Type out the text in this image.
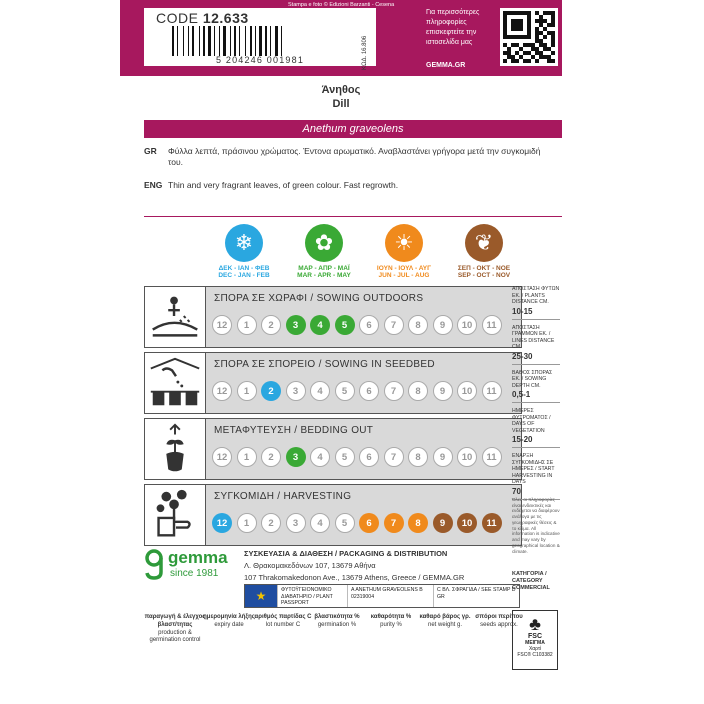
CODE 12.633
5 204246 001981	ΚΩΔ. 16.806
Stampa e foto © Edizioni Barzanti - Cesena
Για περισσότερες
πληροφορίες
επισκεφτείτε την
ιστοσελίδα μας
GEMMA.GR
Άνηθος
Dill
Anethum graveolens
GR	Φύλλα λεπτά, πράσινου χρώματος. Έντονα αρωματικό. Αναβλαστάνει γρήγορα μετά την συγκομιδή του.
ENG Thin and very fragrant leaves, of green colour. Fast regrowth.
❄
ΔΕΚ - ΙΑΝ - ΦΕΒ
DEC - JAN - FEB
✿
ΜΑΡ - ΑΠΡ - ΜΑΪ
MAR - APR - MAY
☀
ΙΟΥΝ - ΙΟΥΛ - ΑΥΓ
JUN - JUL - AUG
❦
ΣΕΠ - ΟΚΤ - ΝΟΕ
SEP - OCT - NOV
ΣΠΟΡΑ ΣΕ ΧΩΡΑΦΙ / SOWING OUTDOORS
12	1	2	3	4	5	6	7	8	9	10	11
ΣΠΟΡΑ ΣΕ ΣΠΟΡΕΙΟ / SOWING IN SEEDBED
12	1	2	3	4	5	6	7	8	9	10	11
ΜΕΤΑΦΥΤΕΥΣΗ / BEDDING OUT
12	1	2	3	4	5	6	7	8	9	10	11
ΣΥΓΚΟΜΙΔΗ / HARVESTING
12	1	2	3	4	5	6	7	8	9	10	11
ΑΠΟΣΤΑΣΗ ΦΥΤΩΝ ΕΚ. / PLANTS DISTANCE CM.
10-15
ΑΠΟΣΤΑΣΗ ΓΡΑΜΜΩΝ ΕΚ. / LINES DISTANCE CM.
25-30
ΒΑΘΟΣ ΣΠΟΡΑΣ ΕΚ. / SOWING DEPTH CM.
0,5-1
ΗΜΕΡΕΣ ΦΥΤΡΩΜΑΤΟΣ / DAYS OF VEGETATION
15-20
ΕΝΑΡΞΗ ΣΥΓΚΟΜΙΔΗΣ ΣΕ ΗΜΕΡΕΣ / START HARVESTING IN DAYS
70
Όλες οι πληροφορίες είναι ενδεικτικές και ενδέχεται να διαφέρουν ανάλογα με τις γεωγραφικές θέσεις & το κλίμα. All information is indicative and may vary by geographical location & climate.
gemma
since 1981
ΣΥΣΚΕΥΑΣΙΑ & ΔΙΑΘΕΣΗ / PACKAGING & DISTRIBUTION
Λ. Θρακομακεδόνων 107, 13679 Αθήνα
107 Thrakomakedonon Ave., 13679 Athens, Greece / GEMMA.GR	ΚΑΤΗΓΟΡΙΑ / CATEGORY COMMERCIAL
★	ΦΥΤΟΫΓΕΙΟΝΟΜΙΚΟ ΔΙΑΒΑΤΗΡΙΟ / PLANT PASSPORT
A ANETHUM GRAVEOLENS B 02319004
C ΒΛ. ΣΦΡΑΓΙΔΑ / SEE STAMP D GR
παραγωγή & έλεγχος βλαστ/τητας
production & germination control
ημερομηνία λήξης
expiry date
αριθμός παρτίδας C
lot number C
βλαστικότητα %
germination %
καθαρότητα %
purity %
καθαρό βάρος γρ.
net weight g.
σπόροι περίπου
seeds approx. ♣
FSC
ΜΕΙΓΜΑ
Χαρτί
FSC® C103382
